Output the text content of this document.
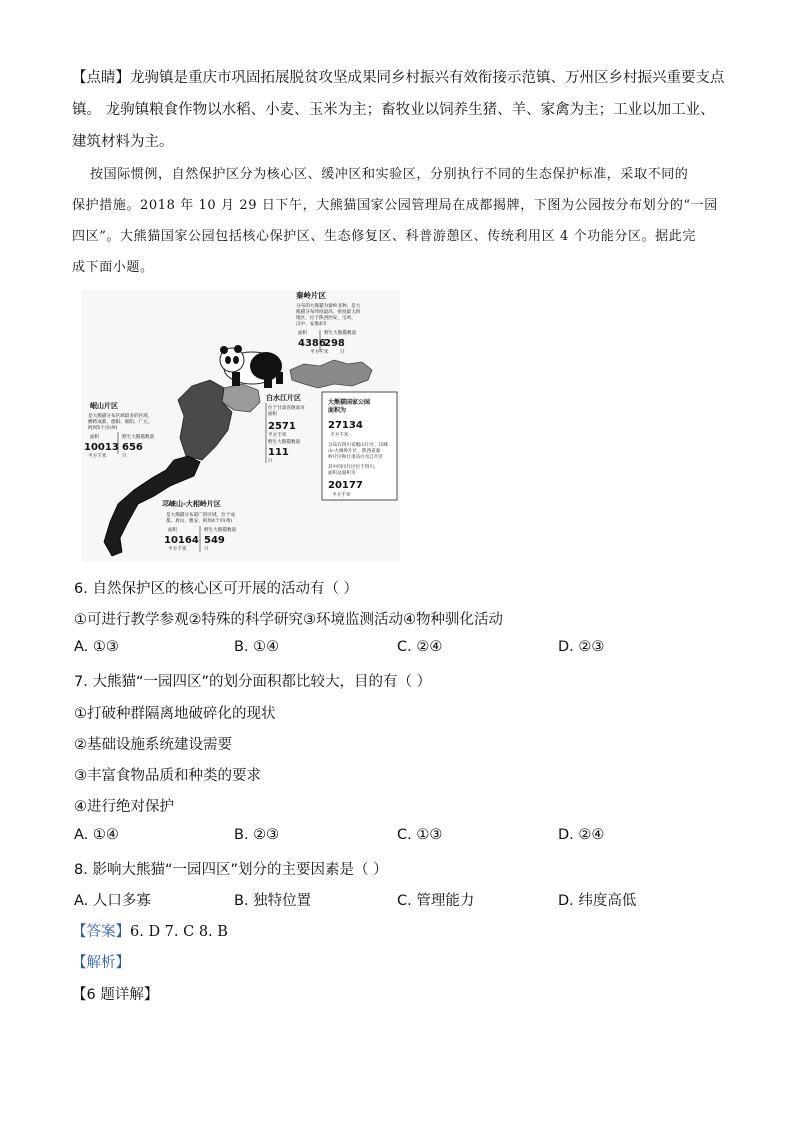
【点睛】龙驹镇是重庆市巩固拓展脱贫攻坚成果同乡村振兴有效衔接示范镇、万州区乡村振兴重要支点
镇。 龙驹镇粮食作物以水稻、小麦、玉米为主；畜牧业以饲养生猪、羊、家禽为主；工业以加工业、
建筑材料为主。
按国际惯例，自然保护区分为核心区、缓冲区和实验区，分别执行不同的生态保护标准，采取不同的
保护措施。2018 年 10 月 29 日下午，大熊猫国家公园管理局在成都揭牌，下图为公园按分布划分的“一园
四区”。大熊猫国家公园包括核心保护区、生态修复区、科普游憩区、传统利用区 4 个功能分区。据此完
成下面小题。
秦岭片区
分布的大熊猫为秦岭亚种，是大
熊猫分布纬度最高、密度最大的
地区，位于陕西西安、宝鸡、
汉中、安康4市
面积	野生大熊猫数量
4386
平方千米
298
只
白水江片区
位于甘肃省陇南市
面积
2571
平方千米
野生大熊猫数量
111
只
岷山片区
是大熊猫分布区域最多的区域，
横跨成都、德阳、绵阳、广元、
阿坝5个市(州)
面积	野生大熊猫数量
10013
平方千米
656
只
邛崃山-大相岭片区
是大熊猫分布最广的区域，位于成
都、眉山、雅安、阿坝4个市(州)
面积	野生大熊猫数量
10164
平方千米
549
只
大熊猫国家公园
面积为
27134
平方千米
分布在四川省岷山片区、邛崃
山-大相岭片区，陕西省秦
岭片区和甘肃省白水江片区
其中四川片区位于四川，
面积总面积为
20177
平方千米
6. 自然保护区的核心区可开展的活动有（ ）
①可进行教学参观②特殊的科学研究③环境监测活动④物种驯化活动
A. ①③	B. ①④	C. ②④	D. ②③
7. 大熊猫“一园四区”的划分面积都比较大，目的有（ ）
①打破种群隔离地破碎化的现状
②基础设施系统建设需要
③丰富食物品质和种类的要求
④进行绝对保护
A. ①④	B. ②③	C. ①③	D. ②④
8. 影响大熊猫“一园四区”划分的主要因素是（ ）
A. 人口多寡	B. 独特位置	C. 管理能力	D. 纬度高低
【答案】6. D 7. C 8. B
【解析】
【6 题详解】
